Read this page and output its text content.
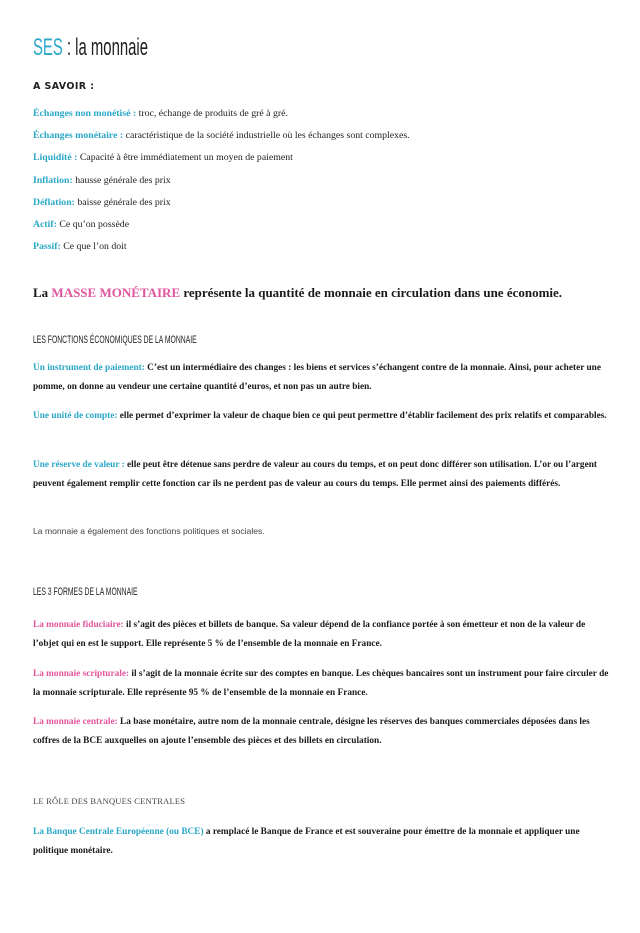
SES : la monnaie
A SAVOIR :
Échanges non monétisé : troc, échange de produits de gré à gré.
Échanges monétaire : caractéristique de la société industrielle où les échanges sont complexes.
Liquidité : Capacité à être immédiatement un moyen de paiement
Inflation: hausse générale des prix
Déflation: baisse générale des prix
Actif: Ce qu’on possède
Passif: Ce que l’on doit
La MASSE MONÉTAIRE représente la quantité de monnaie en circulation dans une économie.
LES FONCTIONS ÉCONOMIQUES DE LA MONNAIE
Un instrument de paiement: C’est un intermédiaire des changes : les biens et services s’échangent contre de la monnaie. Ainsi, pour acheter une pomme, on donne au vendeur une certaine quantité d’euros, et non pas un autre bien.
Une unité de compte: elle permet d’exprimer la valeur de chaque bien ce qui peut permettre d’établir facilement des prix relatifs et comparables.
Une réserve de valeur : elle peut être détenue sans perdre de valeur au cours du temps, et on peut donc différer son utilisation. L’or ou l’argent peuvent également remplir cette fonction car ils ne perdent pas de valeur au cours du temps. Elle permet ainsi des paiements différés.
La monnaie a également des fonctions politiques et sociales.
LES 3 FORMES DE LA MONNAIE
La monnaie fiduciaire: il s’agit des pièces et billets de banque. Sa valeur dépend de la confiance portée à son émetteur et non de la valeur de l’objet qui en est le support. Elle représente 5 % de l’ensemble de la monnaie en France.
La monnaie scripturale: il s’agit de la monnaie écrite sur des comptes en banque. Les chèques bancaires sont un instrument pour faire circuler de la monnaie scripturale. Elle représente 95 % de l’ensemble de la monnaie en France.
La monnaie centrale: La base monétaire, autre nom de la monnaie centrale, désigne les réserves des banques commerciales déposées dans les coffres de la BCE auxquelles on ajoute l’ensemble des pièces et des billets en circulation.
LE RÔLE DES BANQUES CENTRALES
La Banque Centrale Européenne (ou BCE) a remplacé le Banque de France et est souveraine pour émettre de la monnaie et appliquer une politique monétaire.
